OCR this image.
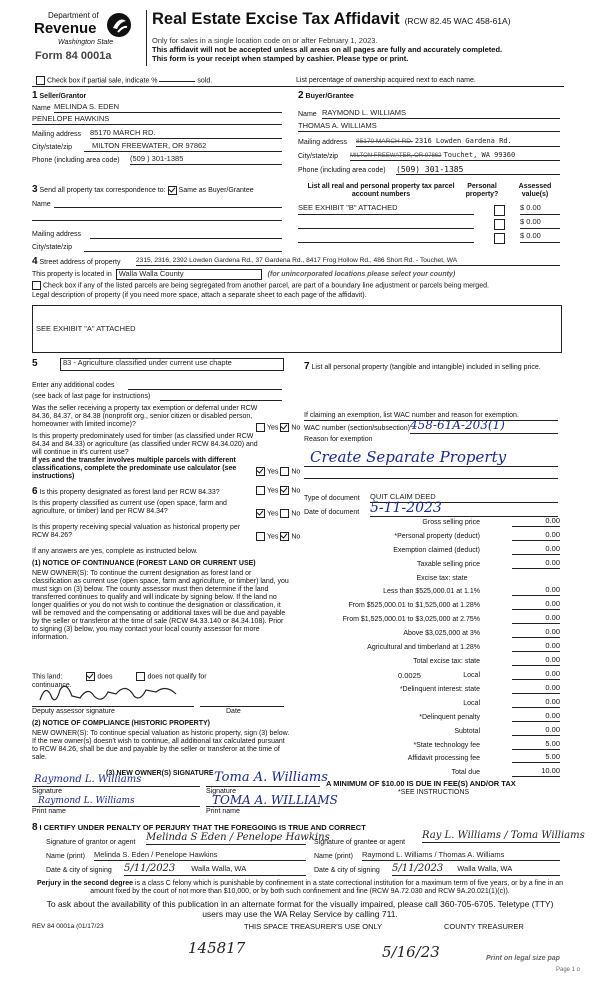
Department of
Revenue
Washington State
Form 84 0001a
Real Estate Excise Tax Affidavit (RCW 82.45 WAC 458-61A)
Only for sales in a single location code on or after February 1, 2023.
This affidavit will not be accepted unless all areas on all pages are fully and accurately completed.
This form is your receipt when stamped by cashier. Please type or print.
Check box if partial sale, indicate %	sold.	List percentage of ownership acquired next to each name.
1 Seller/Grantor
Name MELINDA S. EDEN
PENELOPE HAWKINS
Mailing address 85170 MARCH RD.
City/state/zip	MILTON FREEWATER, OR 97862
Phone (including area code) (509 ) 301-1385
2 Buyer/Grantee
Name RAYMOND L. WILLIAMS
THOMAS A. WILLIAMS
Mailing address 85170 MARCH RD. 2316 Lowden Gardena Rd.
City/state/zip MILTON FREEWATER, OR 97862 Touchet, WA 99360
Phone (including area code) (509) 301-1385
3 Send all property tax correspondence to: Same as Buyer/Grantee
Name
Mailing address
City/state/zip
List all real and personal property tax parcel account numbers
Personal property?
Assessed value(s)
SEE EXHIBIT "B" ATTACHED	$ 0.00
$ 0.00
$ 0.00
4 Street address of property 2315, 2316, 2392 Lowden Gardena Rd., 37 Gardena Rd., 8417 Frog Hollow Rd., 486 Short Rd. - Touchet, WA
This property is located in Walla Walla County	(for unincorporated locations please select your county)
Check box if any of the listed parcels are being segregated from another parcel, are part of a boundary line adjustment or parcels being merged.
Legal description of property (if you need more space, attach a separate sheet to each page of the affidavit).
SEE EXHIBIT "A" ATTACHED
5	83 - Agriculture classified under current use chapte
Enter any additional codes
(see back of last page for instructions)
Was the seller receiving a property tax exemption or deferral under RCW 84.36, 84.37, or 84.38 (nonprofit org., senior citizen or disabled person, homeowner with limited income)?	Yes No
Is this property predominately used for timber (as classified under RCW 84.34 and 84.33) or agriculture (as classified under RCW 84.34.020) and will continue in it's current use?
If yes and the transfer involves multiple parcels with different classifications, complete the predominate use calculator (see instructions)
Yes No
6 Is this property designated as forest land per RCW 84.33?	Yes No
Is this property classified as current use (open space, farm and agriculture, or timber) land per RCW 84.34?	Yes No
Is this property receiving special valuation as historical property per RCW 84.26?	Yes No
If any answers are yes, complete as instructed below.
(1) NOTICE OF CONTINUANCE (FOREST LAND OR CURRENT USE)
NEW OWNER(S): To continue the current designation as forest land or classification as current use (open space, farm and agriculture, or timber) land, you must sign on (3) below. The county assessor must then determine if the land transferred continues to qualify and will indicate by signing below. If the land no longer qualifies or you do not wish to continue the designation or classification, it will be removed and the compensating or additional taxes will be due and payable by the seller or transferor at the time of sale (RCW 84.33.140 or 84.34.108). Prior to signing (3) below, you may contact your local county assessor for more information.
This land:	does	does not qualify for
continuance.
Deputy assessor signature	Date
(2) NOTICE OF COMPLIANCE (HISTORIC PROPERTY)
NEW OWNER(S): To continue special valuation as historic property, sign (3) below. If the new owner(s) doesn't wish to continue, all additional tax calculated pursuant to RCW 84.26, shall be due and payable by the seller or transferor at the time of sale.
(3) NEW OWNER(S) SIGNATURE
Raymond L. Williams	Toma A. Williams
Signature	Signature
Raymond L. Williams	TOMA A. WILLIAMS
Print name	Print name
7 List all personal property (tangible and intangible) included in selling price.
If claiming an exemption, list WAC number and reason for exemption.
WAC number (section/subsection) 458-61A-203(1)
Reason for exemption
Create Separate Property
Type of document QUIT CLAIM DEED
Date of document 5-11-2023
Gross selling price	0.00
*Personal property (deduct)	0.00
Exemption claimed (deduct)	0.00
Taxable selling price	0.00
Excise tax: state
Less than $525,000.01 at 1.1%	0.00
From $525,000.01 to $1,525,000 at 1.28%	0.00
From $1,525,000.01 to $3,025,000 at 2.75%	0.00
Above $3,025,000 at 3%	0.00
Agricultural and timberland at 1.28%	0.00
Total excise tax: state	0.00
Local	0.00
0.0025
*Delinquent interest: state	0.00
Local	0.00
*Delinquent penalty	0.00
Subtotal	0.00
*State technology fee	5.00
Affidavit processing fee	5.00
Total due	10.00
A MINIMUM OF $10.00 IS DUE IN FEE(S) AND/OR TAX
*SEE INSTRUCTIONS
8 I CERTIFY UNDER PENALTY OF PERJURY THAT THE FOREGOING IS TRUE AND CORRECT
Signature of grantor or agent Melinda S Eden / Penelope Hawkins
Name (print) Melinda S. Eden / Penelope Hawkins
Date & city of signing 5/11/2023 Walla Walla, WA
Signature of grantee or agent
Ray L. Williams / Toma Williams
Name (print) Raymond L. Williams / Thomas A. Williams
Date & city of signing 5/11/2023 Walla Walla, WA
Perjury in the second degree is a class C felony which is punishable by confinement in a state correctional institution for a maximum term of five years, or by a fine in an amount fixed by the court of not more than $10,000, or by both such confinement and fine (RCW 9A.72.030 and RCW 9A.20.021(1)(c)).
To ask about the availability of this publication in an alternate format for the visually impaired, please call 360-705-6705. Teletype (TTY) users may use the WA Relay Service by calling 711.
REV 84 0001a (01/17/23	THIS SPACE TREASURER'S USE ONLY	COUNTY TREASURER
145817	5/16/23	Print on legal size pap
Page 1 o
